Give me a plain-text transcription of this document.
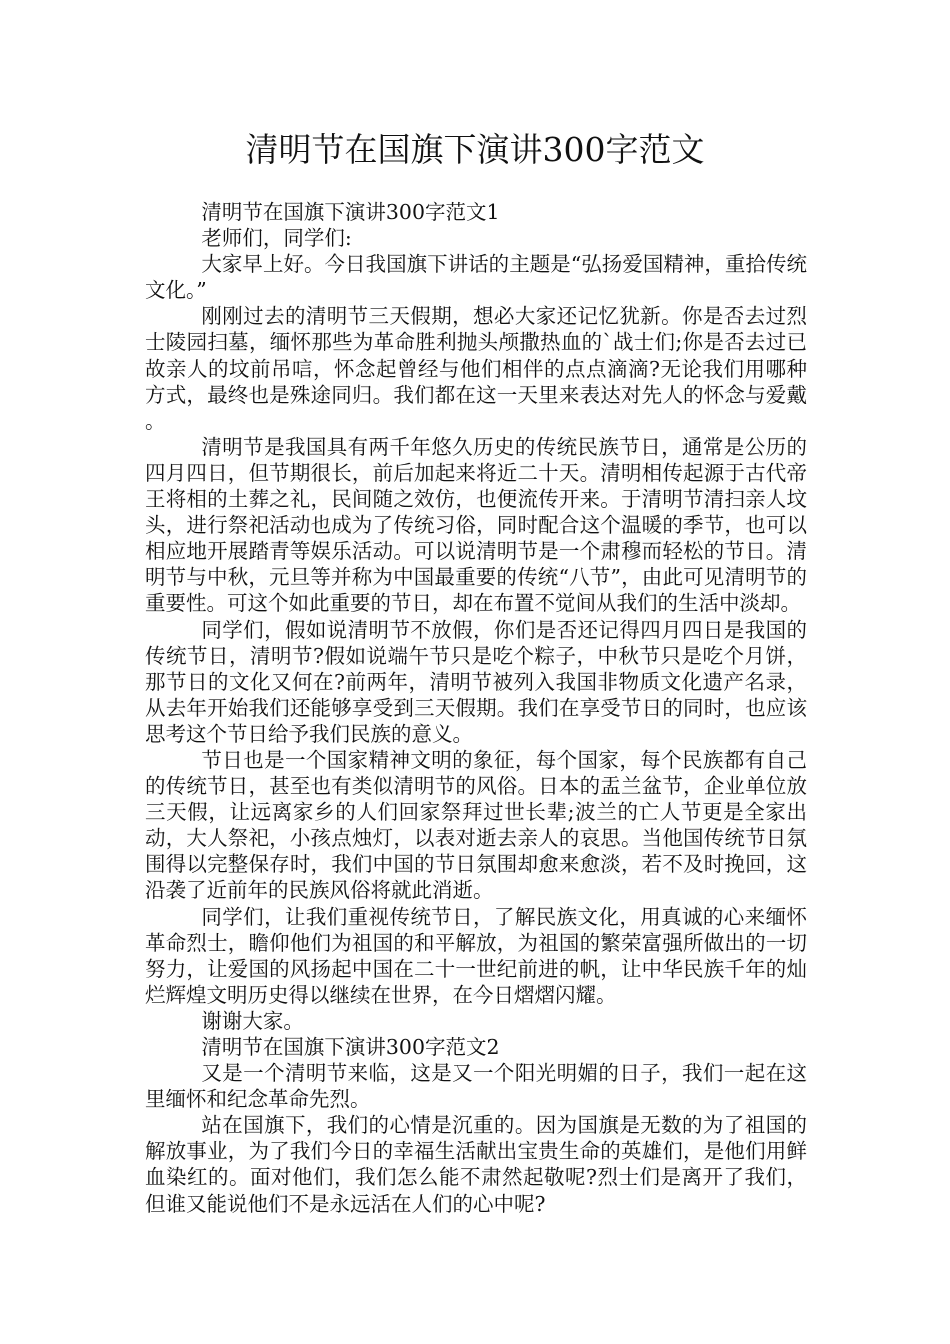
清明节在国旗下演讲300字范文

清明节在国旗下演讲300字范文1

老师们，同学们:

大家早上好。今日我国旗下讲话的主题是“弘扬爱国精神，重拾传统文化。”

刚刚过去的清明节三天假期，想必大家还记忆犹新。你是否去过烈士陵园扫墓，缅怀那些为革命胜利抛头颅撒热血的`战士们;你是否去过已故亲人的坟前吊唁，怀念起曾经与他们相伴的点点滴滴?无论我们用哪种方式，最终也是殊途同归。我们都在这一天里来表达对先人的怀念与爱戴。

清明节是我国具有两千年悠久历史的传统民族节日，通常是公历的四月四日，但节期很长，前后加起来将近二十天。清明相传起源于古代帝王将相的土葬之礼，民间随之效仿，也便流传开来。于清明节清扫亲人坟头，进行祭祀活动也成为了传统习俗，同时配合这个温暖的季节，也可以相应地开展踏青等娱乐活动。可以说清明节是一个肃穆而轻松的节日。清明节与中秋，元旦等并称为中国最重要的传统“八节”，由此可见清明节的重要性。可这个如此重要的节日，却在布置不觉间从我们的生活中淡却。

同学们，假如说清明节不放假，你们是否还记得四月四日是我国的传统节日，清明节?假如说端午节只是吃个粽子，中秋节只是吃个月饼，那节日的文化又何在?前两年，清明节被列入我国非物质文化遗产名录，从去年开始我们还能够享受到三天假期。我们在享受节日的同时，也应该思考这个节日给予我们民族的意义。

节日也是一个国家精神文明的象征，每个国家，每个民族都有自己的传统节日，甚至也有类似清明节的风俗。日本的盂兰盆节，企业单位放三天假，让远离家乡的人们回家祭拜过世长辈;波兰的亡人节更是全家出动，大人祭祀，小孩点烛灯，以表对逝去亲人的哀思。当他国传统节日氛围得以完整保存时，我们中国的节日氛围却愈来愈淡，若不及时挽回，这沿袭了近前年的民族风俗将就此消逝。

同学们，让我们重视传统节日，了解民族文化，用真诚的心来缅怀革命烈士，瞻仰他们为祖国的和平解放，为祖国的繁荣富强所做出的一切努力，让爱国的风扬起中国在二十一世纪前进的帆，让中华民族千年的灿烂辉煌文明历史得以继续在世界，在今日熠熠闪耀。

谢谢大家。

清明节在国旗下演讲300字范文2

又是一个清明节来临，这是又一个阳光明媚的日子，我们一起在这里缅怀和纪念革命先烈。

站在国旗下，我们的心情是沉重的。因为国旗是无数的为了祖国的解放事业，为了我们今日的幸福生活献出宝贵生命的英雄们，是他们用鲜血染红的。面对他们，我们怎么能不肃然起敬呢?烈士们是离开了我们，但谁又能说他们不是永远活在人们的心中呢?
